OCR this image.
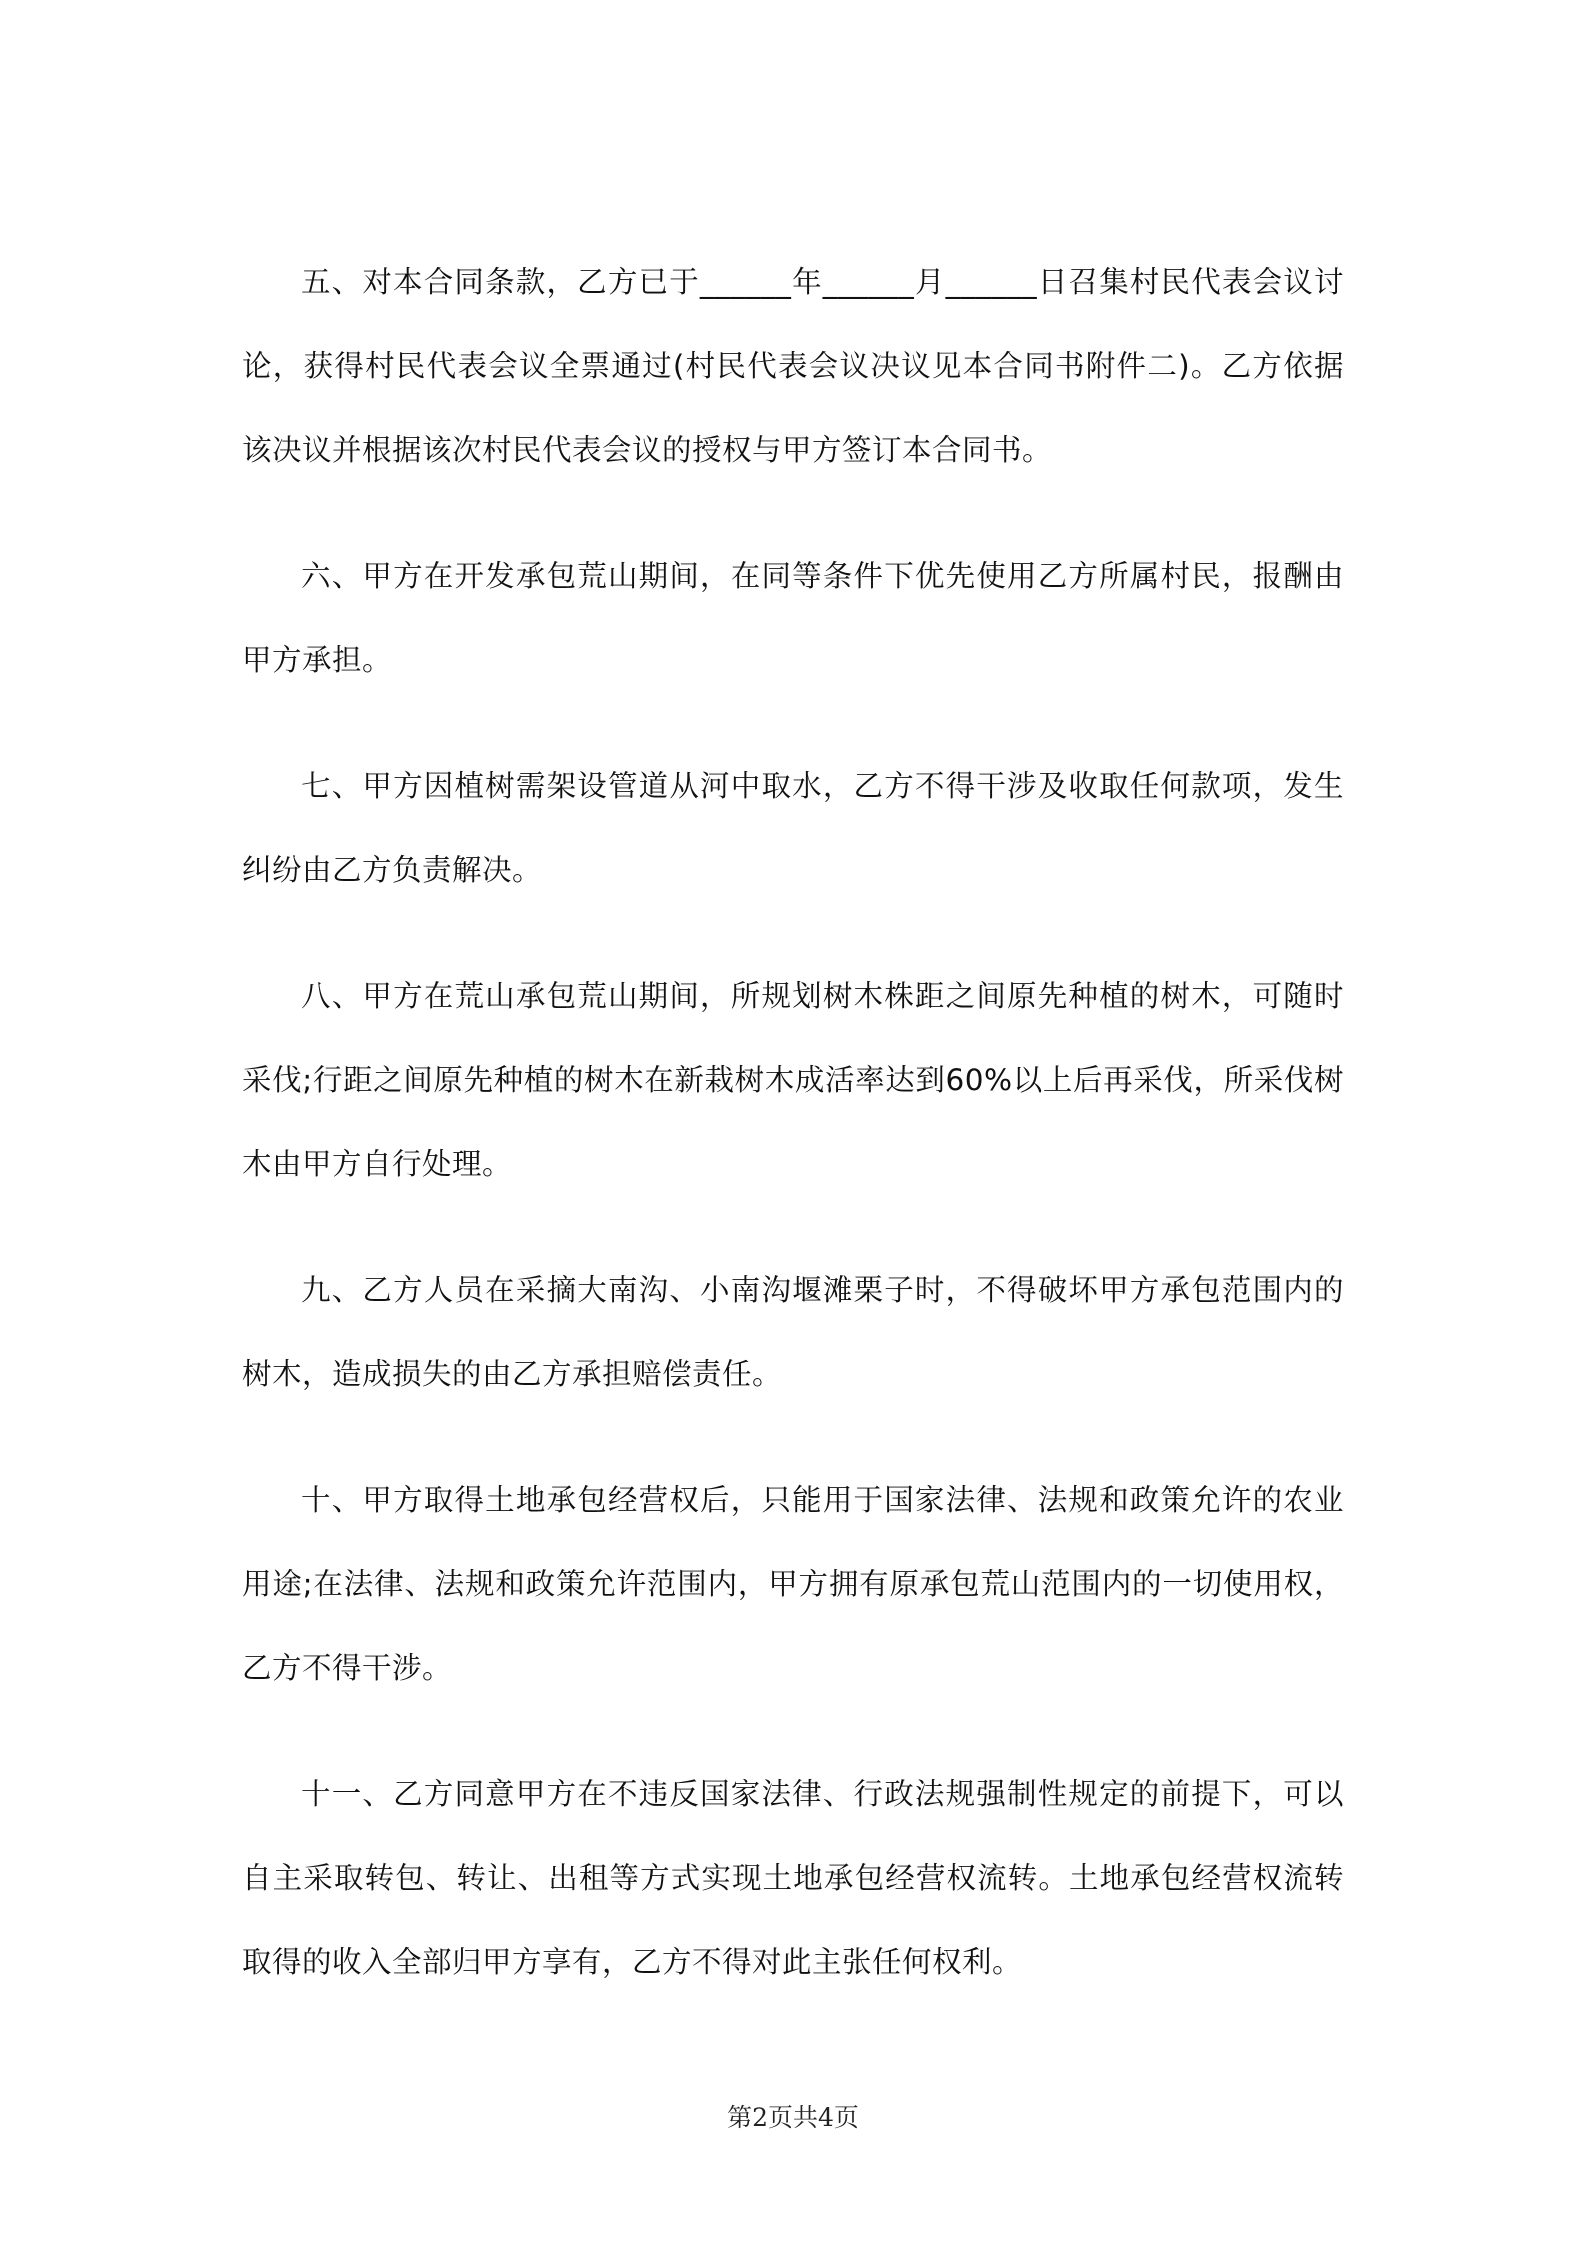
五、对本合同条款，乙方已于______年______月______日召集村民代表会议讨论，获得村民代表会议全票通过(村民代表会议决议见本合同书附件二)。乙方依据该决议并根据该次村民代表会议的授权与甲方签订本合同书。

六、甲方在开发承包荒山期间，在同等条件下优先使用乙方所属村民，报酬由甲方承担。

七、甲方因植树需架设管道从河中取水，乙方不得干涉及收取任何款项，发生纠纷由乙方负责解决。

八、甲方在荒山承包荒山期间，所规划树木株距之间原先种植的树木，可随时采伐;行距之间原先种植的树木在新栽树木成活率达到60%以上后再采伐，所采伐树木由甲方自行处理。

九、乙方人员在采摘大南沟、小南沟堰滩栗子时，不得破坏甲方承包范围内的树木，造成损失的由乙方承担赔偿责任。

十、甲方取得土地承包经营权后，只能用于国家法律、法规和政策允许的农业用途;在法律、法规和政策允许范围内，甲方拥有原承包荒山范围内的一切使用权，乙方不得干涉。

十一、乙方同意甲方在不违反国家法律、行政法规强制性规定的前提下，可以自主采取转包、转让、出租等方式实现土地承包经营权流转。土地承包经营权流转取得的收入全部归甲方享有，乙方不得对此主张任何权利。

第2页共4页
